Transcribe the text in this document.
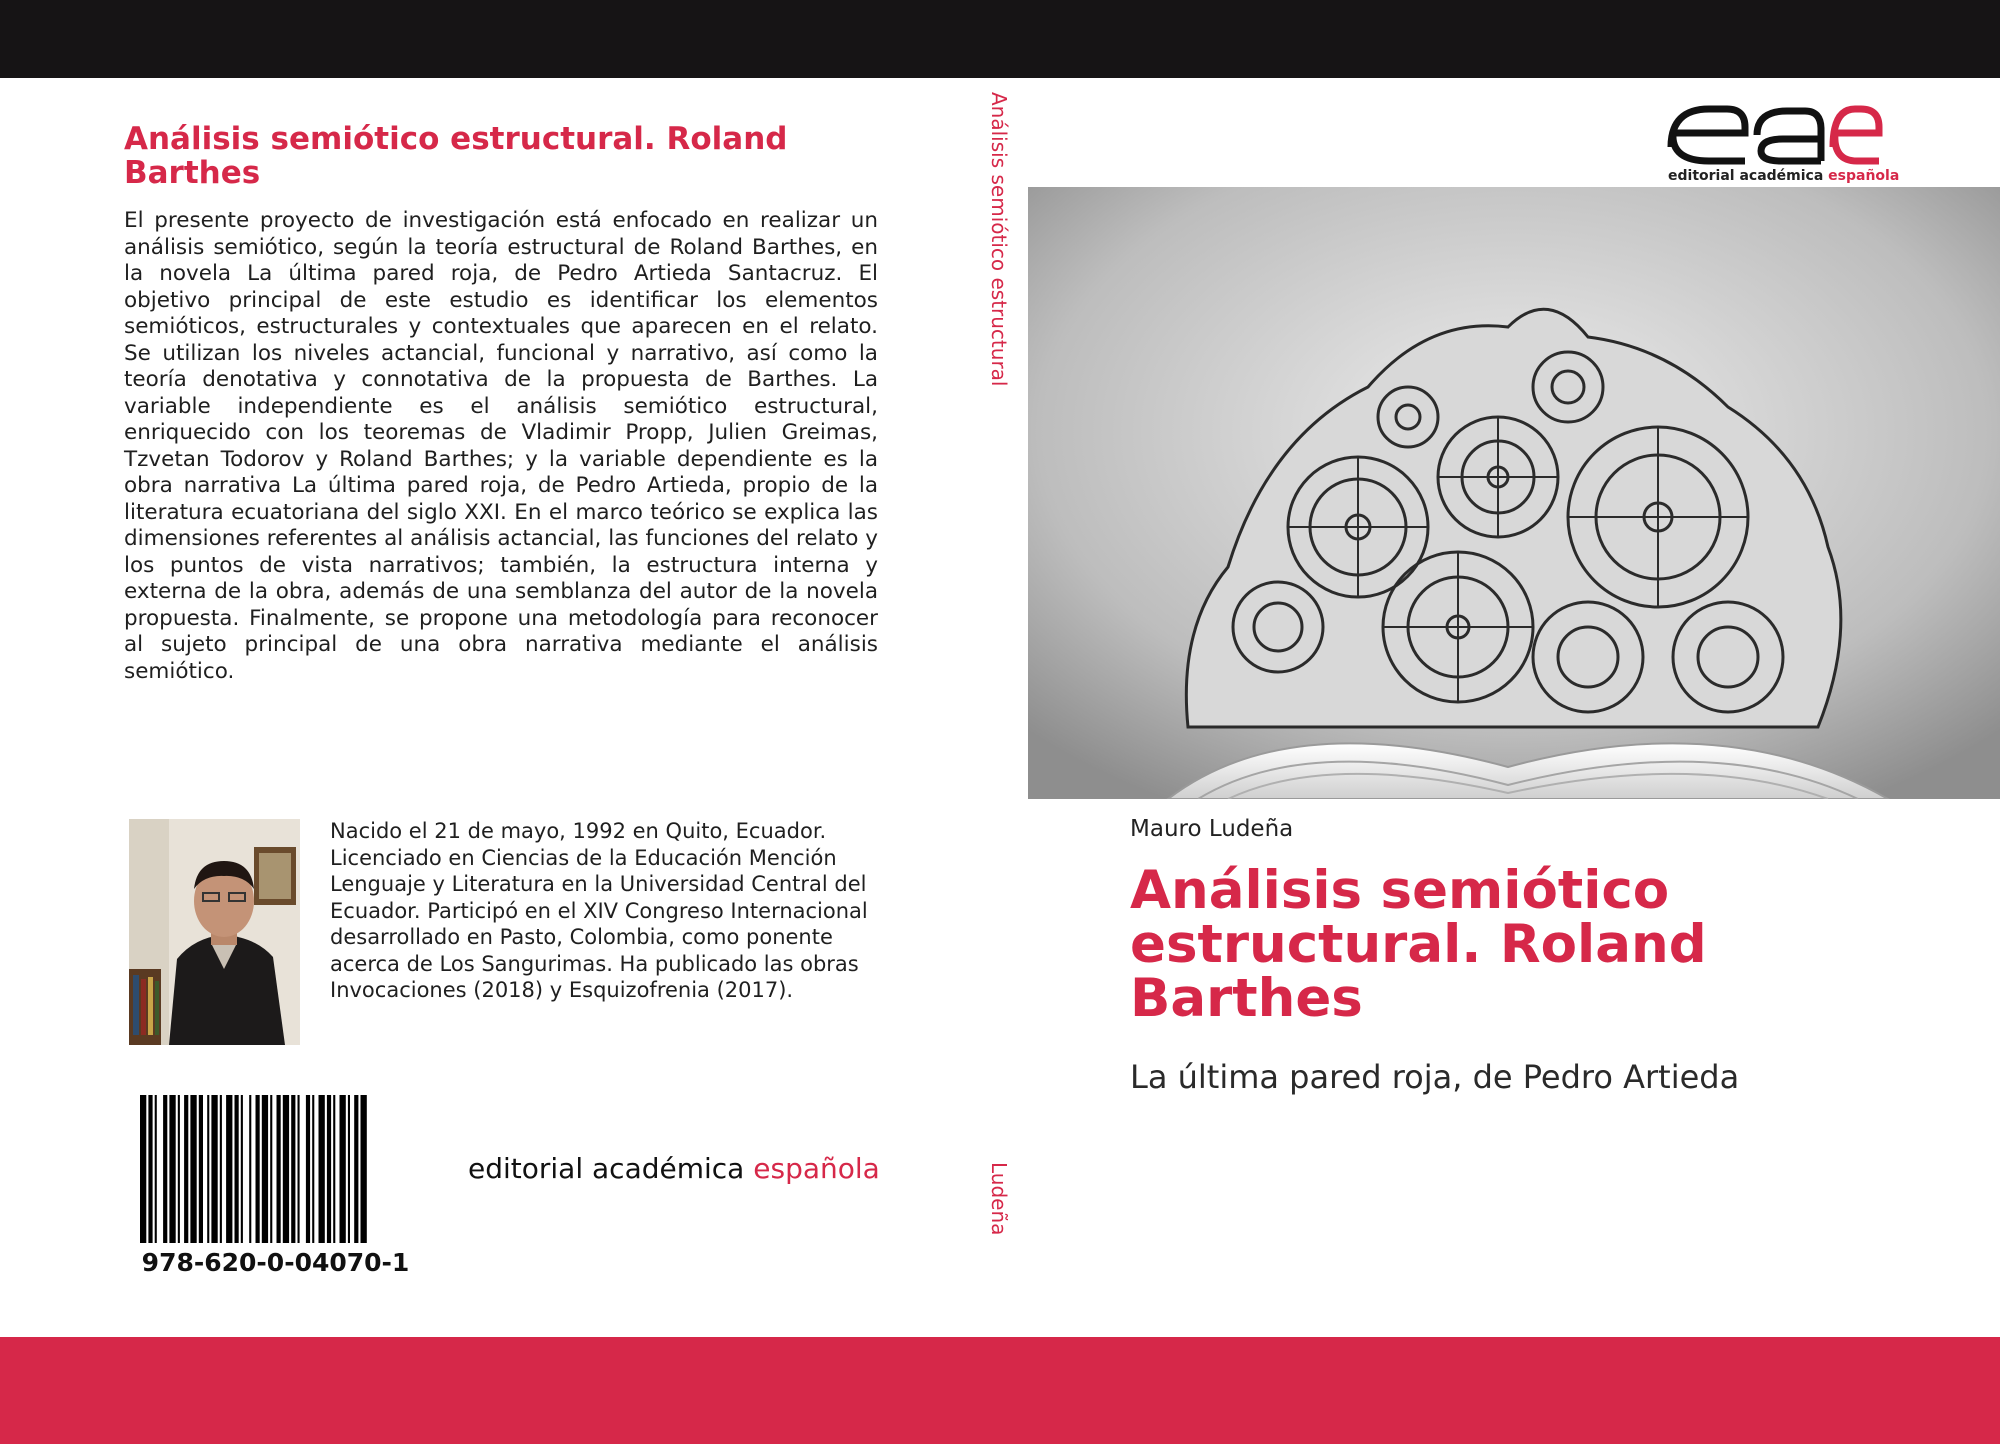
Análisis semiótico estructural. Roland Barthes
El presente proyecto de investigación está enfocado en realizar un análisis semiótico, según la teoría estructural de Roland Barthes, en la novela La última pared roja, de Pedro Artieda Santacruz. El objetivo principal de este estudio es identificar los elementos semióticos, estructurales y contextuales que aparecen en el relato. Se utilizan los niveles actancial, funcional y narrativo, así como la teoría denotativa y connotativa de la propuesta de Barthes. La variable independiente es el análisis semiótico estructural, enriquecido con los teoremas de Vladimir Propp, Julien Greimas, Tzvetan Todorov y Roland Barthes; y la variable dependiente es la obra narrativa La última pared roja, de Pedro Artieda, propio de la literatura ecuatoriana del siglo XXI. En el marco teórico se explica las dimensiones referentes al análisis actancial, las funciones del relato y los puntos de vista narrativos; también, la estructura interna y externa de la obra, además de una semblanza del autor de la novela propuesta. Finalmente, se propone una metodología para reconocer al sujeto principal de una obra narrativa mediante el análisis semiótico.
Nacido el 21 de mayo, 1992 en Quito, Ecuador. Licenciado en Ciencias de la Educación Mención Lenguaje y Literatura en la Universidad Central del Ecuador. Participó en el XIV Congreso Internacional desarrollado en Pasto, Colombia, como ponente acerca de Los Sangurimas. Ha publicado las obras Invocaciones (2018) y Esquizofrenia (2017).
978-620-0-04070-1
editorial académica española
Análisis semiótico estructural
Ludeña
editorial académica española
Mauro Ludeña
Análisis semiótico estructural. Roland Barthes
La última pared roja, de Pedro Artieda
